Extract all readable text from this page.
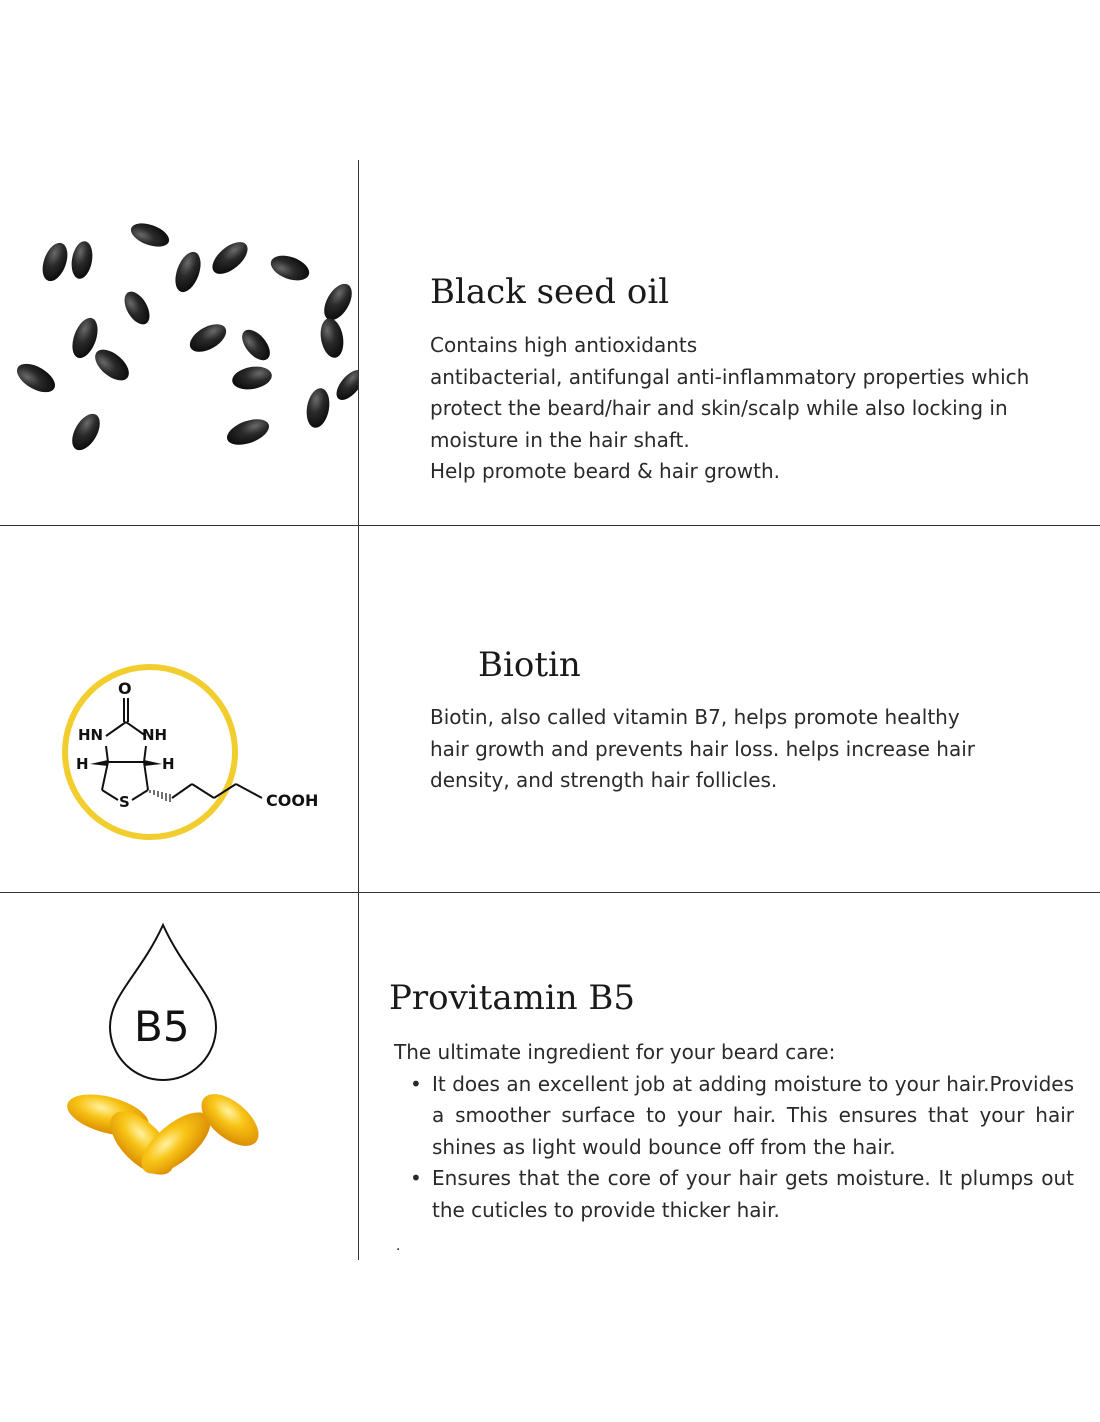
Black seed oil

Contains high antioxidants

antibacterial, antifungal anti-inflammatory properties which protect the beard/hair and skin/scalp while also locking in moisture in the hair shaft.

Help promote beard & hair growth.

O
HN	NH
H	H
S	COOH
Biotin

Biotin, also called vitamin B7, helps promote healthy hair growth and prevents hair loss. helps increase hair density, and strength hair follicles.

B5
Provitamin B5

The ultimate ingredient for your beard care:

• It does an excellent job at adding moisture to your hair.Provides a smoother surface to your hair. This ensures that your hair shines as light would bounce off from the hair.
• Ensures that the core of your hair gets moisture. It plumps out the cuticles to provide thicker hair.
.
